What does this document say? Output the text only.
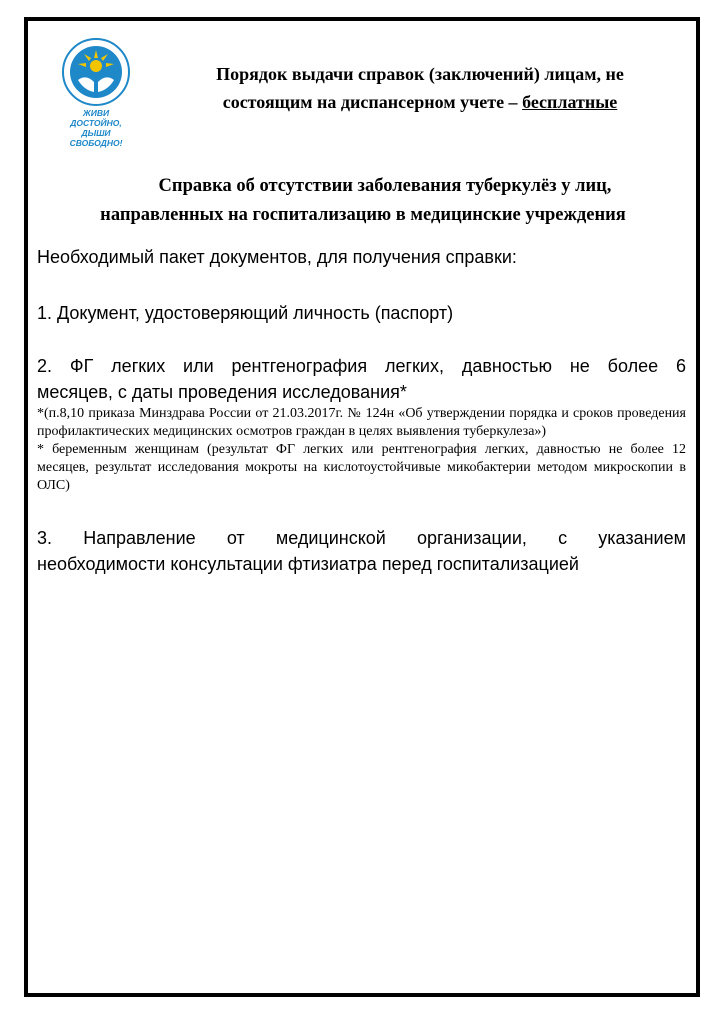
ЖИВИ ДОСТОЙНО,
ДЫШИ СВОБОДНО!
Порядок выдачи справок (заключений) лицам, не
состоящим на диспансерном учете – бесплатные
Справка об отсутствии заболевания туберкулёз у лиц,
направленных на госпитализацию в медицинские учреждения

Необходимый пакет документов, для получения справки:

1. Документ, удостоверяющий личность (паспорт)

2. ФГ легких или рентгенография легких, давностью не более 6
месяцев, с даты проведения исследования*

*(п.8,10 приказа Минздрава России от 21.03.2017г. № 124н «Об утверждении порядка и сроков проведения профилактических медицинских осмотров граждан в целях выявления туберкулеза»)

* беременным женщинам (результат ФГ легких или рентгенография легких, давностью не более 12 месяцев, результат исследования мокроты на кислотоустойчивые микобактерии методом микроскопии в ОЛС)

3. Направление от медицинской организации, с указанием
необходимости консультации фтизиатра перед госпитализацией
